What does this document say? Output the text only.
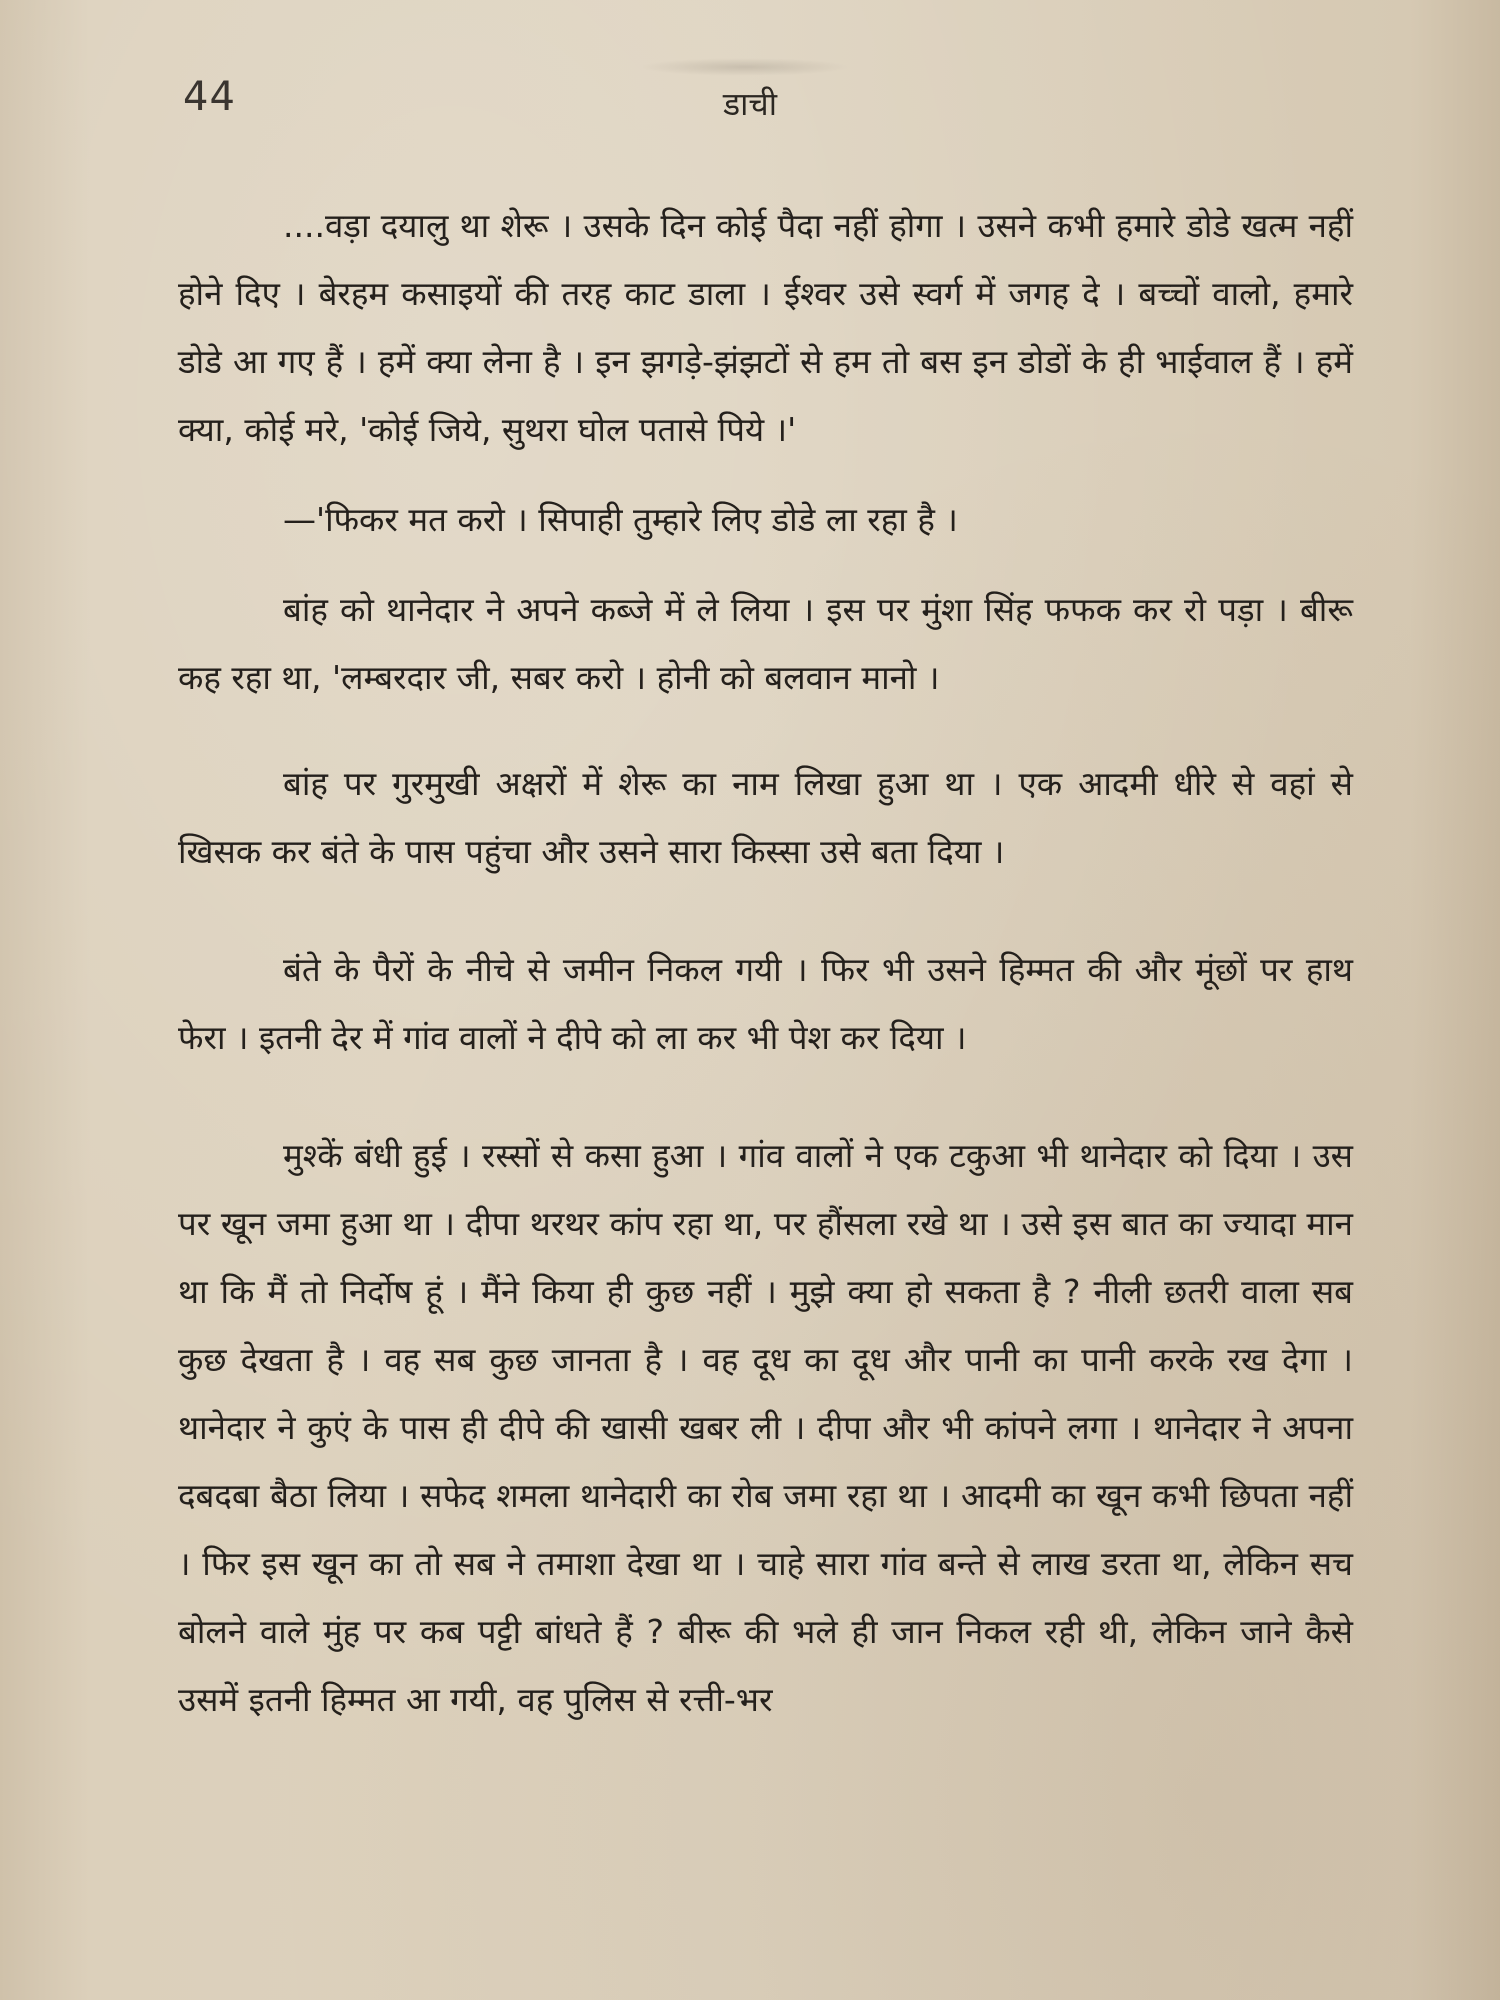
44	डाची

....वड़ा दयालु था शेरू । उसके दिन कोई पैदा नहीं होगा । उसने कभी हमारे डोडे खत्म नहीं होने दिए । बेरहम कसाइयों की तरह काट डाला । ईश्वर उसे स्वर्ग में जगह दे । बच्चों वालो, हमारे डोडे आ गए हैं । हमें क्या लेना है । इन झगड़े-झंझटों से हम तो बस इन डोडों के ही भाईवाल हैं । हमें क्या, कोई मरे, 'कोई जिये, सुथरा घोल पतासे पिये ।'

—'फिकर मत करो । सिपाही तुम्हारे लिए डोडे ला रहा है ।

बांह को थानेदार ने अपने कब्जे में ले लिया । इस पर मुंशा सिंह फफक कर रो पड़ा । बीरू कह रहा था, 'लम्बरदार जी, सबर करो । होनी को बलवान मानो ।

बांह पर गुरमुखी अक्षरों में शेरू का नाम लिखा हुआ था । एक आदमी धीरे से वहां से खिसक कर बंते के पास पहुंचा और उसने सारा किस्सा उसे बता दिया ।

बंते के पैरों के नीचे से जमीन निकल गयी । फिर भी उसने हिम्मत की और मूंछों पर हाथ फेरा । इतनी देर में गांव वालों ने दीपे को ला कर भी पेश कर दिया ।

मुश्कें बंधी हुई । रस्सों से कसा हुआ । गांव वालों ने एक टकुआ भी थानेदार को दिया । उस पर खून जमा हुआ था । दीपा थरथर कांप रहा था, पर हौंसला रखे था । उसे इस बात का ज्यादा मान था कि मैं तो निर्दोष हूं । मैंने किया ही कुछ नहीं । मुझे क्या हो सकता है ? नीली छतरी वाला सब कुछ देखता है । वह सब कुछ जानता है । वह दूध का दूध और पानी का पानी करके रख देगा । थानेदार ने कुएं के पास ही दीपे की खासी खबर ली । दीपा और भी कांपने लगा । थानेदार ने अपना दबदबा बैठा लिया । सफेद शमला थानेदारी का रोब जमा रहा था । आदमी का खून कभी छिपता नहीं । फिर इस खून का तो सब ने तमाशा देखा था । चाहे सारा गांव बन्ते से लाख डरता था, लेकिन सच बोलने वाले मुंह पर कब पट्टी बांधते हैं ? बीरू की भले ही जान निकल रही थी, लेकिन जाने कैसे उसमें इतनी हिम्मत आ गयी, वह पुलिस से रत्ती-भर
